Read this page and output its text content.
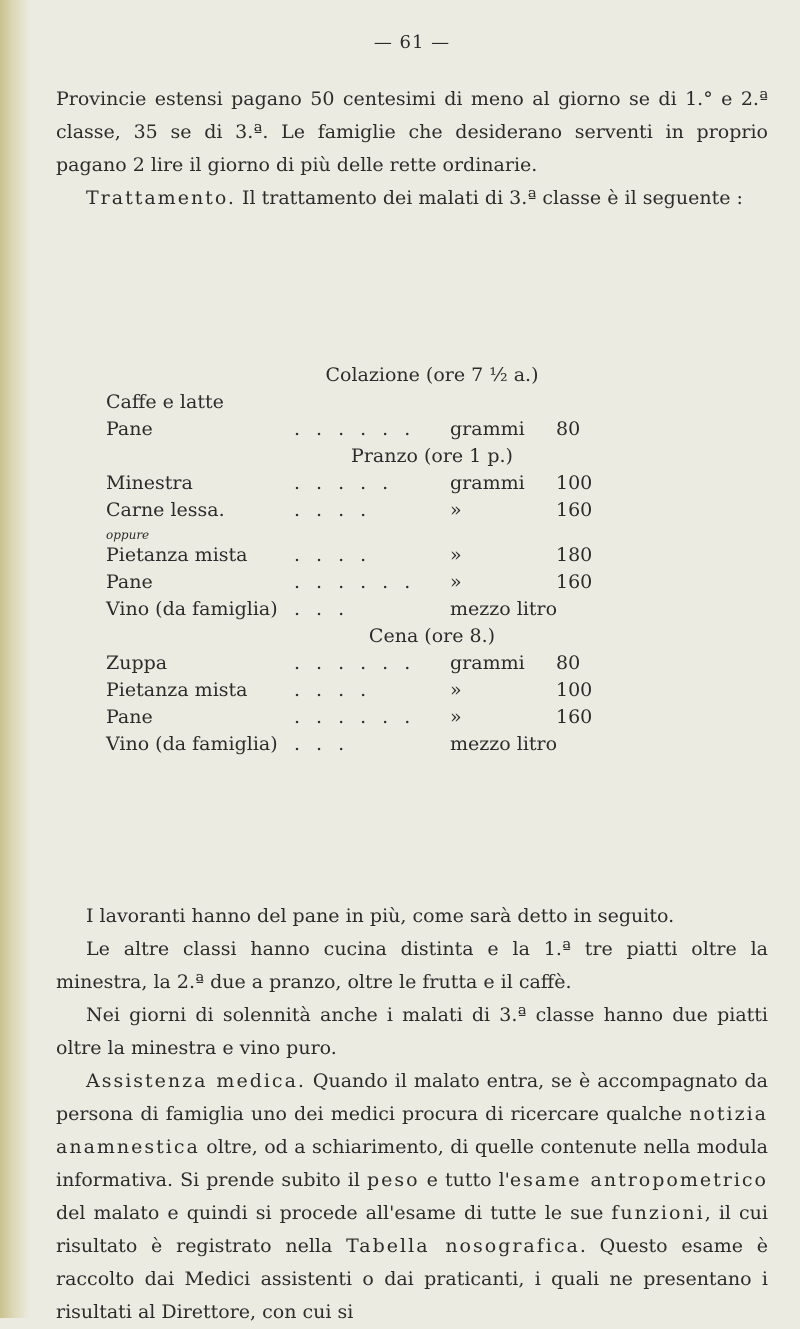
— 61 —

Provincie estensi pagano 50 centesimi di meno al giorno se di 1.° e 2.ª classe, 35 se di 3.ª. Le famiglie che desiderano serventi in proprio pagano 2 lire il giorno di più delle rette ordinarie.

Trattamento. Il trattamento dei malati di 3.ª classe è il seguente :

Colazione (ore 7 ½ a.)
Caffe e latte
Pane	...... grammi 80
Pranzo (ore 1 p.)
Minestra	..... grammi 100
Carne lessa.	....	»	160
oppure
Pietanza mista ....	»	180
Pane	...... »	160
Vino (da famiglia) ...	mezzo litro
Cena (ore 8.)
Zuppa	...... grammi 80
Pietanza mista ....	»	100
Pane	...... »	160
Vino (da famiglia) ...	mezzo litro

I lavoranti hanno del pane in più, come sarà detto in seguito.

Le altre classi hanno cucina distinta e la 1.ª tre piatti oltre la minestra, la 2.ª due a pranzo, oltre le frutta e il caffè.

Nei giorni di solennità anche i malati di 3.ª classe hanno due piatti oltre la minestra e vino puro.

Assistenza medica. Quando il malato entra, se è accompagnato da persona di famiglia uno dei medici procura di ricercare qualche notizia anamnestica oltre, od a schiarimento, di quelle contenute nella modula informativa. Si prende subito il peso e tutto l'esame antropometrico del malato e quindi si procede all'esame di tutte le sue funzioni, il cui risultato è registrato nella Tabella nosografica. Questo esame è raccolto dai Medici assistenti o dai praticanti, i quali ne presentano i risultati al Direttore, con cui si
